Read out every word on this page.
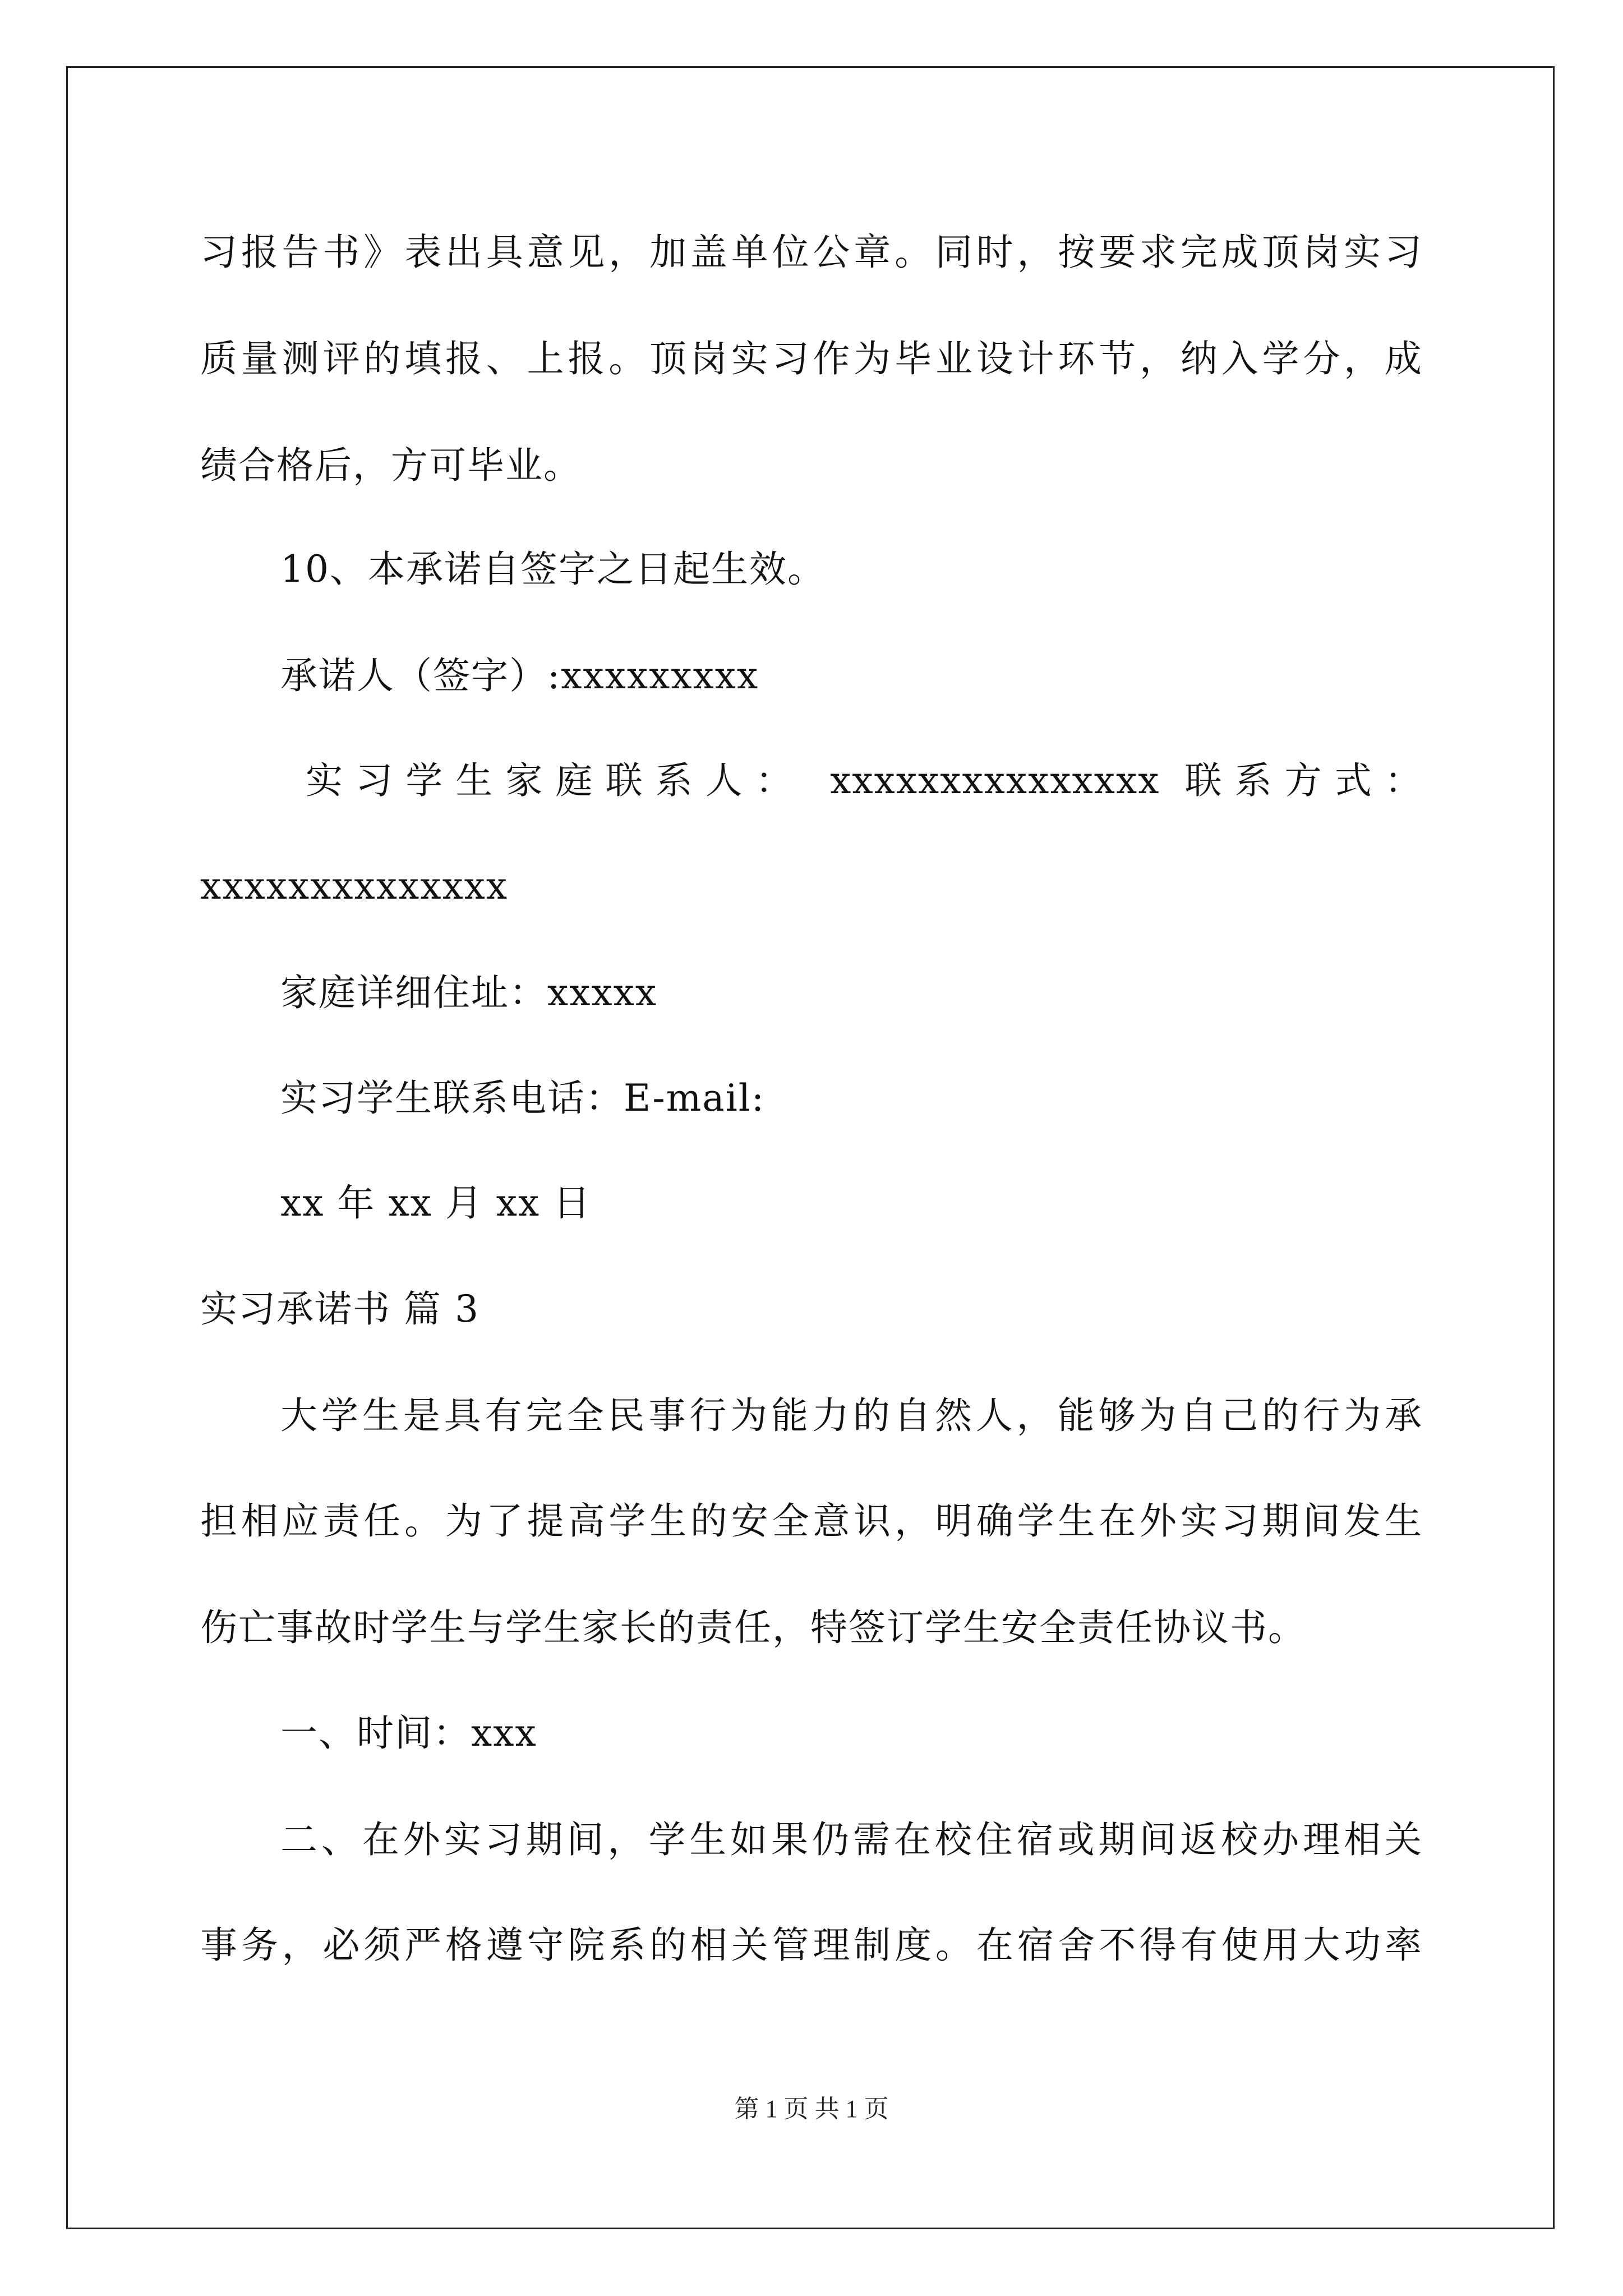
习报告书》表出具意见，加盖单位公章。同时，按要求完成顶岗实习
质量测评的填报、上报。顶岗实习作为毕业设计环节，纳入学分，成
绩合格后，方可毕业。
10、本承诺自签字之日起生效。
承诺人（签字）:xxxxxxxxx
实习学生家庭联系人： xxxxxxxxxxxxxxx 联系方式：
xxxxxxxxxxxxxx
家庭详细住址：xxxxx
实习学生联系电话：E-mail:
xx 年 xx 月 xx 日
实习承诺书 篇 3
大学生是具有完全民事行为能力的自然人，能够为自己的行为承
担相应责任。为了提高学生的安全意识，明确学生在外实习期间发生
伤亡事故时学生与学生家长的责任，特签订学生安全责任协议书。
一、时间：xxx
二、在外实习期间，学生如果仍需在校住宿或期间返校办理相关
事务，必须严格遵守院系的相关管理制度。在宿舍不得有使用大功率
第 1 页 共 1 页
